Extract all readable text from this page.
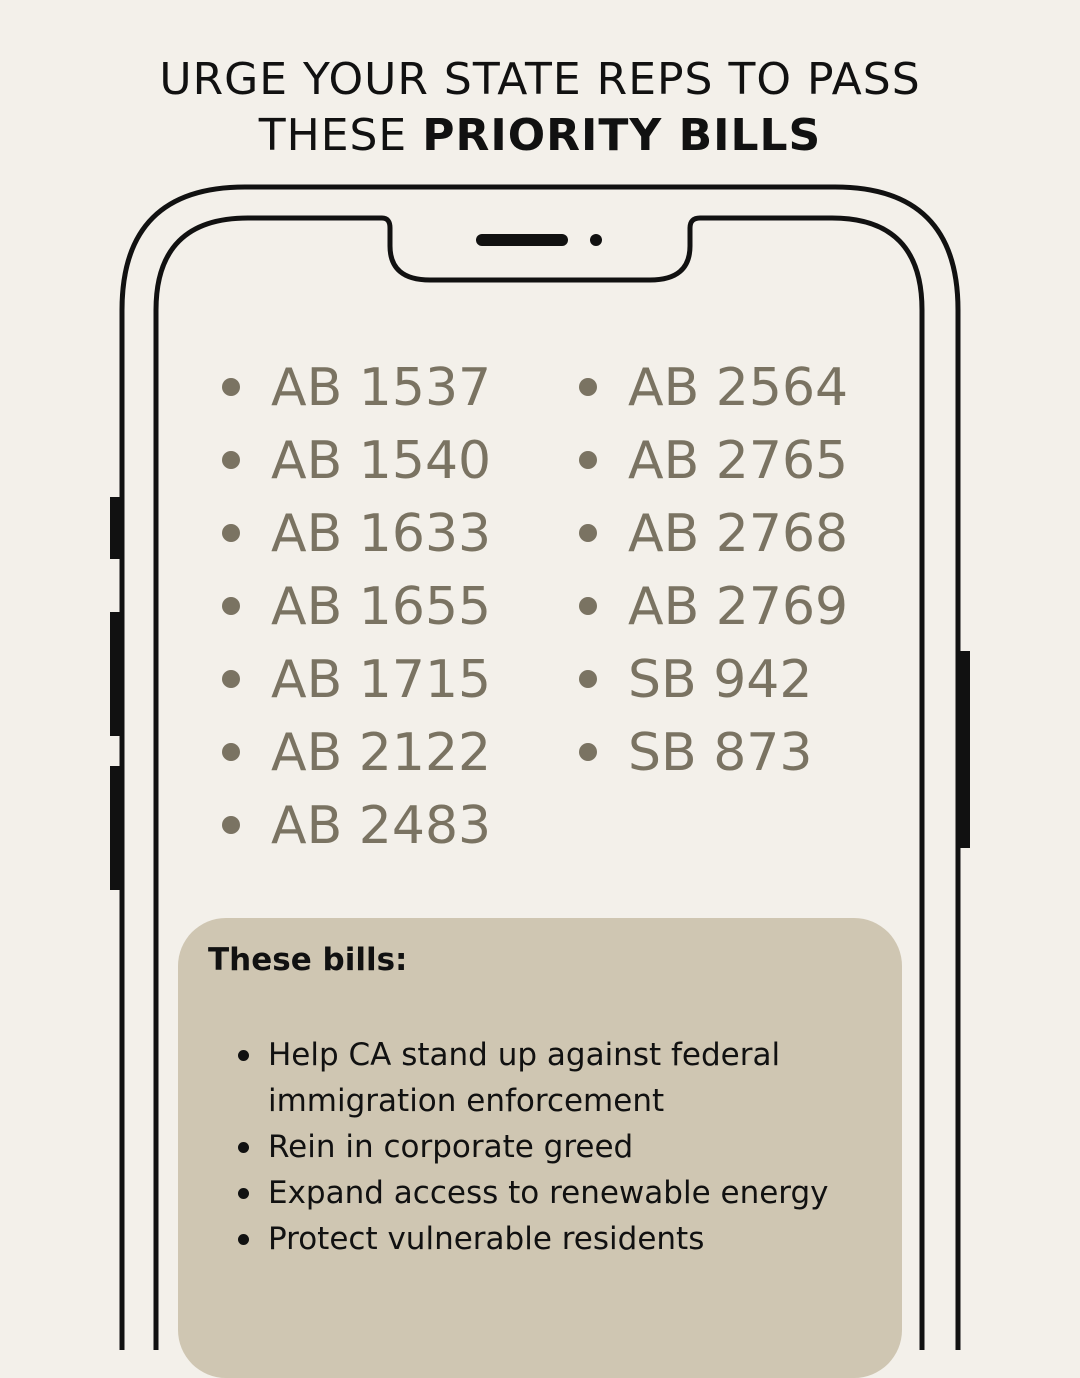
URGE YOUR STATE REPS TO PASS
THESE PRIORITY BILLS
AB 1537
AB 1540
AB 1633
AB 1655
AB 1715
AB 2122
AB 2483
AB 2564
AB 2765
AB 2768
AB 2769
SB 942
SB 873
These bills:
Help CA stand up against federal immigration enforcement
Rein in corporate greed
Expand access to renewable energy
Protect vulnerable residents
